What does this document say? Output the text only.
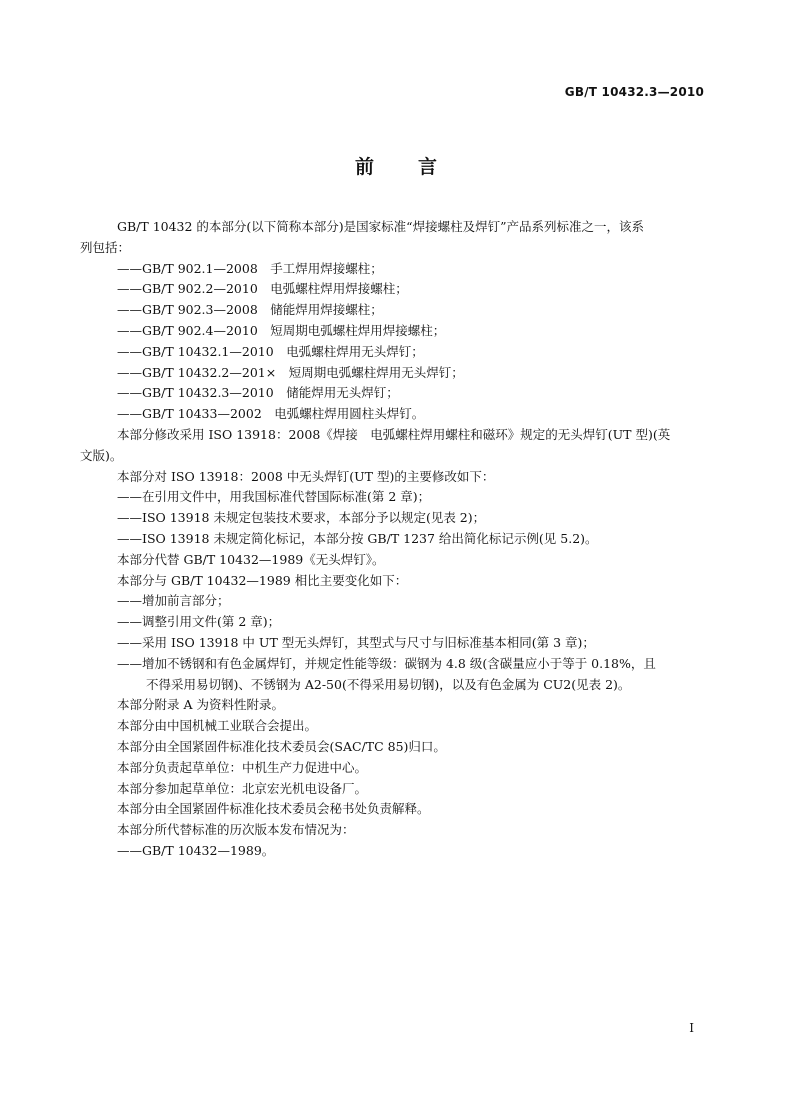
GB/T 10432.3—2010
前 言
GB/T 10432 的本部分(以下简称本部分)是国家标准“焊接螺柱及焊钉”产品系列标准之一，该系
列包括：
——GB/T 902.1—2008　手工焊用焊接螺柱；
——GB/T 902.2—2010　电弧螺柱焊用焊接螺柱；
——GB/T 902.3—2008　储能焊用焊接螺柱；
——GB/T 902.4—2010　短周期电弧螺柱焊用焊接螺柱；
——GB/T 10432.1—2010　电弧螺柱焊用无头焊钉；
——GB/T 10432.2—201×　短周期电弧螺柱焊用无头焊钉；
——GB/T 10432.3—2010　储能焊用无头焊钉；
——GB/T 10433—2002　电弧螺柱焊用圆柱头焊钉。
本部分修改采用 ISO 13918：2008《焊接　电弧螺柱焊用螺柱和磁环》规定的无头焊钉(UT 型)(英
文版)。
本部分对 ISO 13918：2008 中无头焊钉(UT 型)的主要修改如下：
——在引用文件中，用我国标准代替国际标准(第 2 章)；
——ISO 13918 未规定包装技术要求，本部分予以规定(见表 2)；
——ISO 13918 未规定简化标记，本部分按 GB/T 1237 给出简化标记示例(见 5.2)。
本部分代替 GB/T 10432—1989《无头焊钉》。
本部分与 GB/T 10432—1989 相比主要变化如下：
——增加前言部分；
——调整引用文件(第 2 章)；
——采用 ISO 13918 中 UT 型无头焊钉，其型式与尺寸与旧标准基本相同(第 3 章)；
——增加不锈钢和有色金属焊钉，并规定性能等级：碳钢为 4.8 级(含碳量应小于等于 0.18%，且
不得采用易切钢)、不锈钢为 A2-50(不得采用易切钢)，以及有色金属为 CU2(见表 2)。
本部分附录 A 为资料性附录。
本部分由中国机械工业联合会提出。
本部分由全国紧固件标准化技术委员会(SAC/TC 85)归口。
本部分负责起草单位：中机生产力促进中心。
本部分参加起草单位：北京宏光机电设备厂。
本部分由全国紧固件标准化技术委员会秘书处负责解释。
本部分所代替标准的历次版本发布情况为：
——GB/T 10432—1989。
Ⅰ
